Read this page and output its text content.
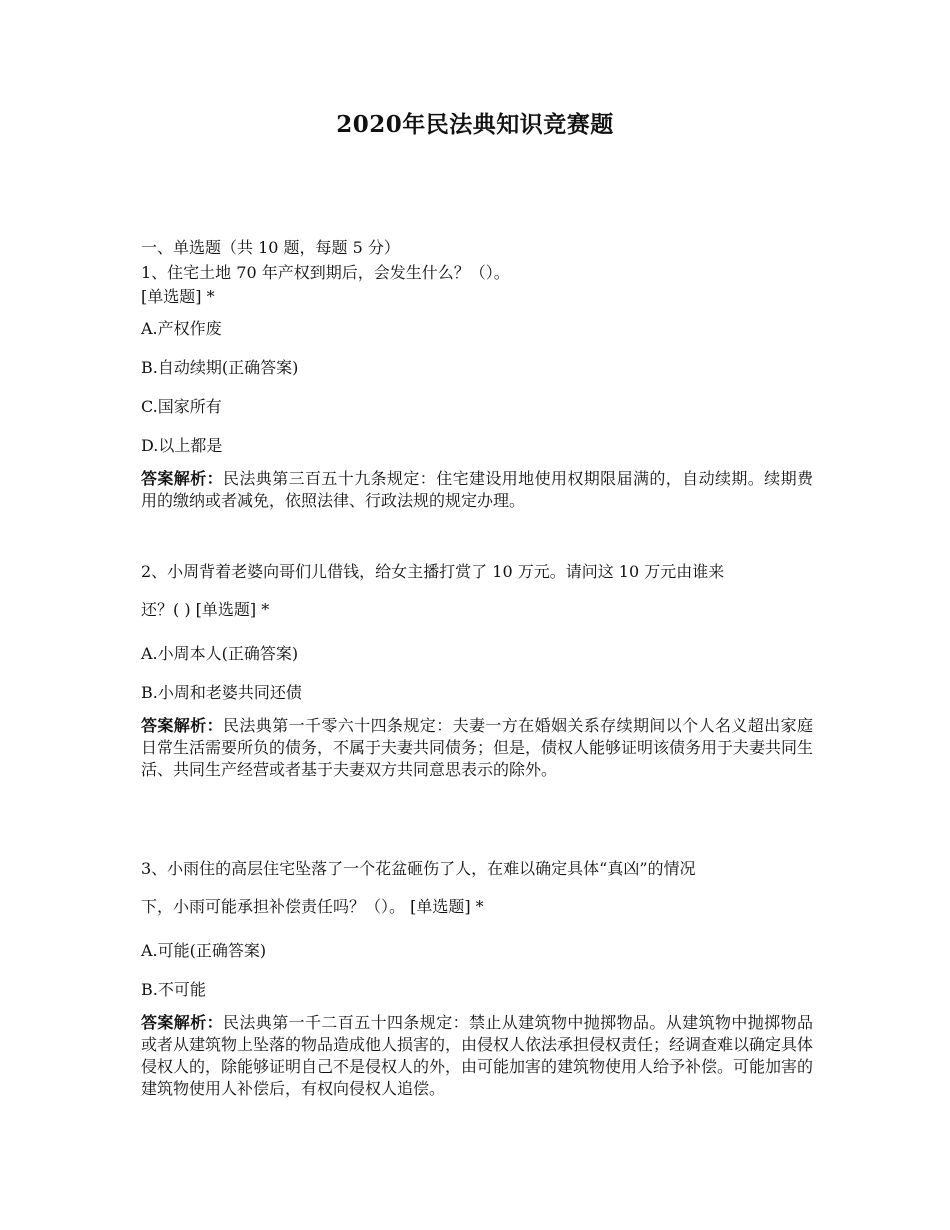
2020年民法典知识竞赛题
一、单选题（共 10 题，每题 5 分）
1、住宅土地 70 年产权到期后，会发生什么？（）。
[单选题] *
A.产权作废
B.自动续期(正确答案)
C.国家所有
D.以上都是
答案解析：民法典第三百五十九条规定：住宅建设用地使用权期限届满的，自动续期。续期费用的缴纳或者减免，依照法律、行政法规的规定办理。
2、小周背着老婆向哥们儿借钱，给女主播打赏了 10 万元。请问这 10 万元由谁来
还？( ) [单选题] *
A.小周本人(正确答案)
B.小周和老婆共同还债
答案解析：民法典第一千零六十四条规定：夫妻一方在婚姻关系存续期间以个人名义超出家庭日常生活需要所负的债务，不属于夫妻共同债务；但是，债权人能够证明该债务用于夫妻共同生活、共同生产经营或者基于夫妻双方共同意思表示的除外。
3、小雨住的高层住宅坠落了一个花盆砸伤了人，在难以确定具体“真凶”的情况
下，小雨可能承担补偿责任吗？（）。 [单选题] *
A.可能(正确答案)
B.不可能
答案解析：民法典第一千二百五十四条规定：禁止从建筑物中抛掷物品。从建筑物中抛掷物品或者从建筑物上坠落的物品造成他人损害的，由侵权人依法承担侵权责任；经调查难以确定具体侵权人的，除能够证明自己不是侵权人的外，由可能加害的建筑物使用人给予补偿。可能加害的建筑物使用人补偿后，有权向侵权人追偿。
